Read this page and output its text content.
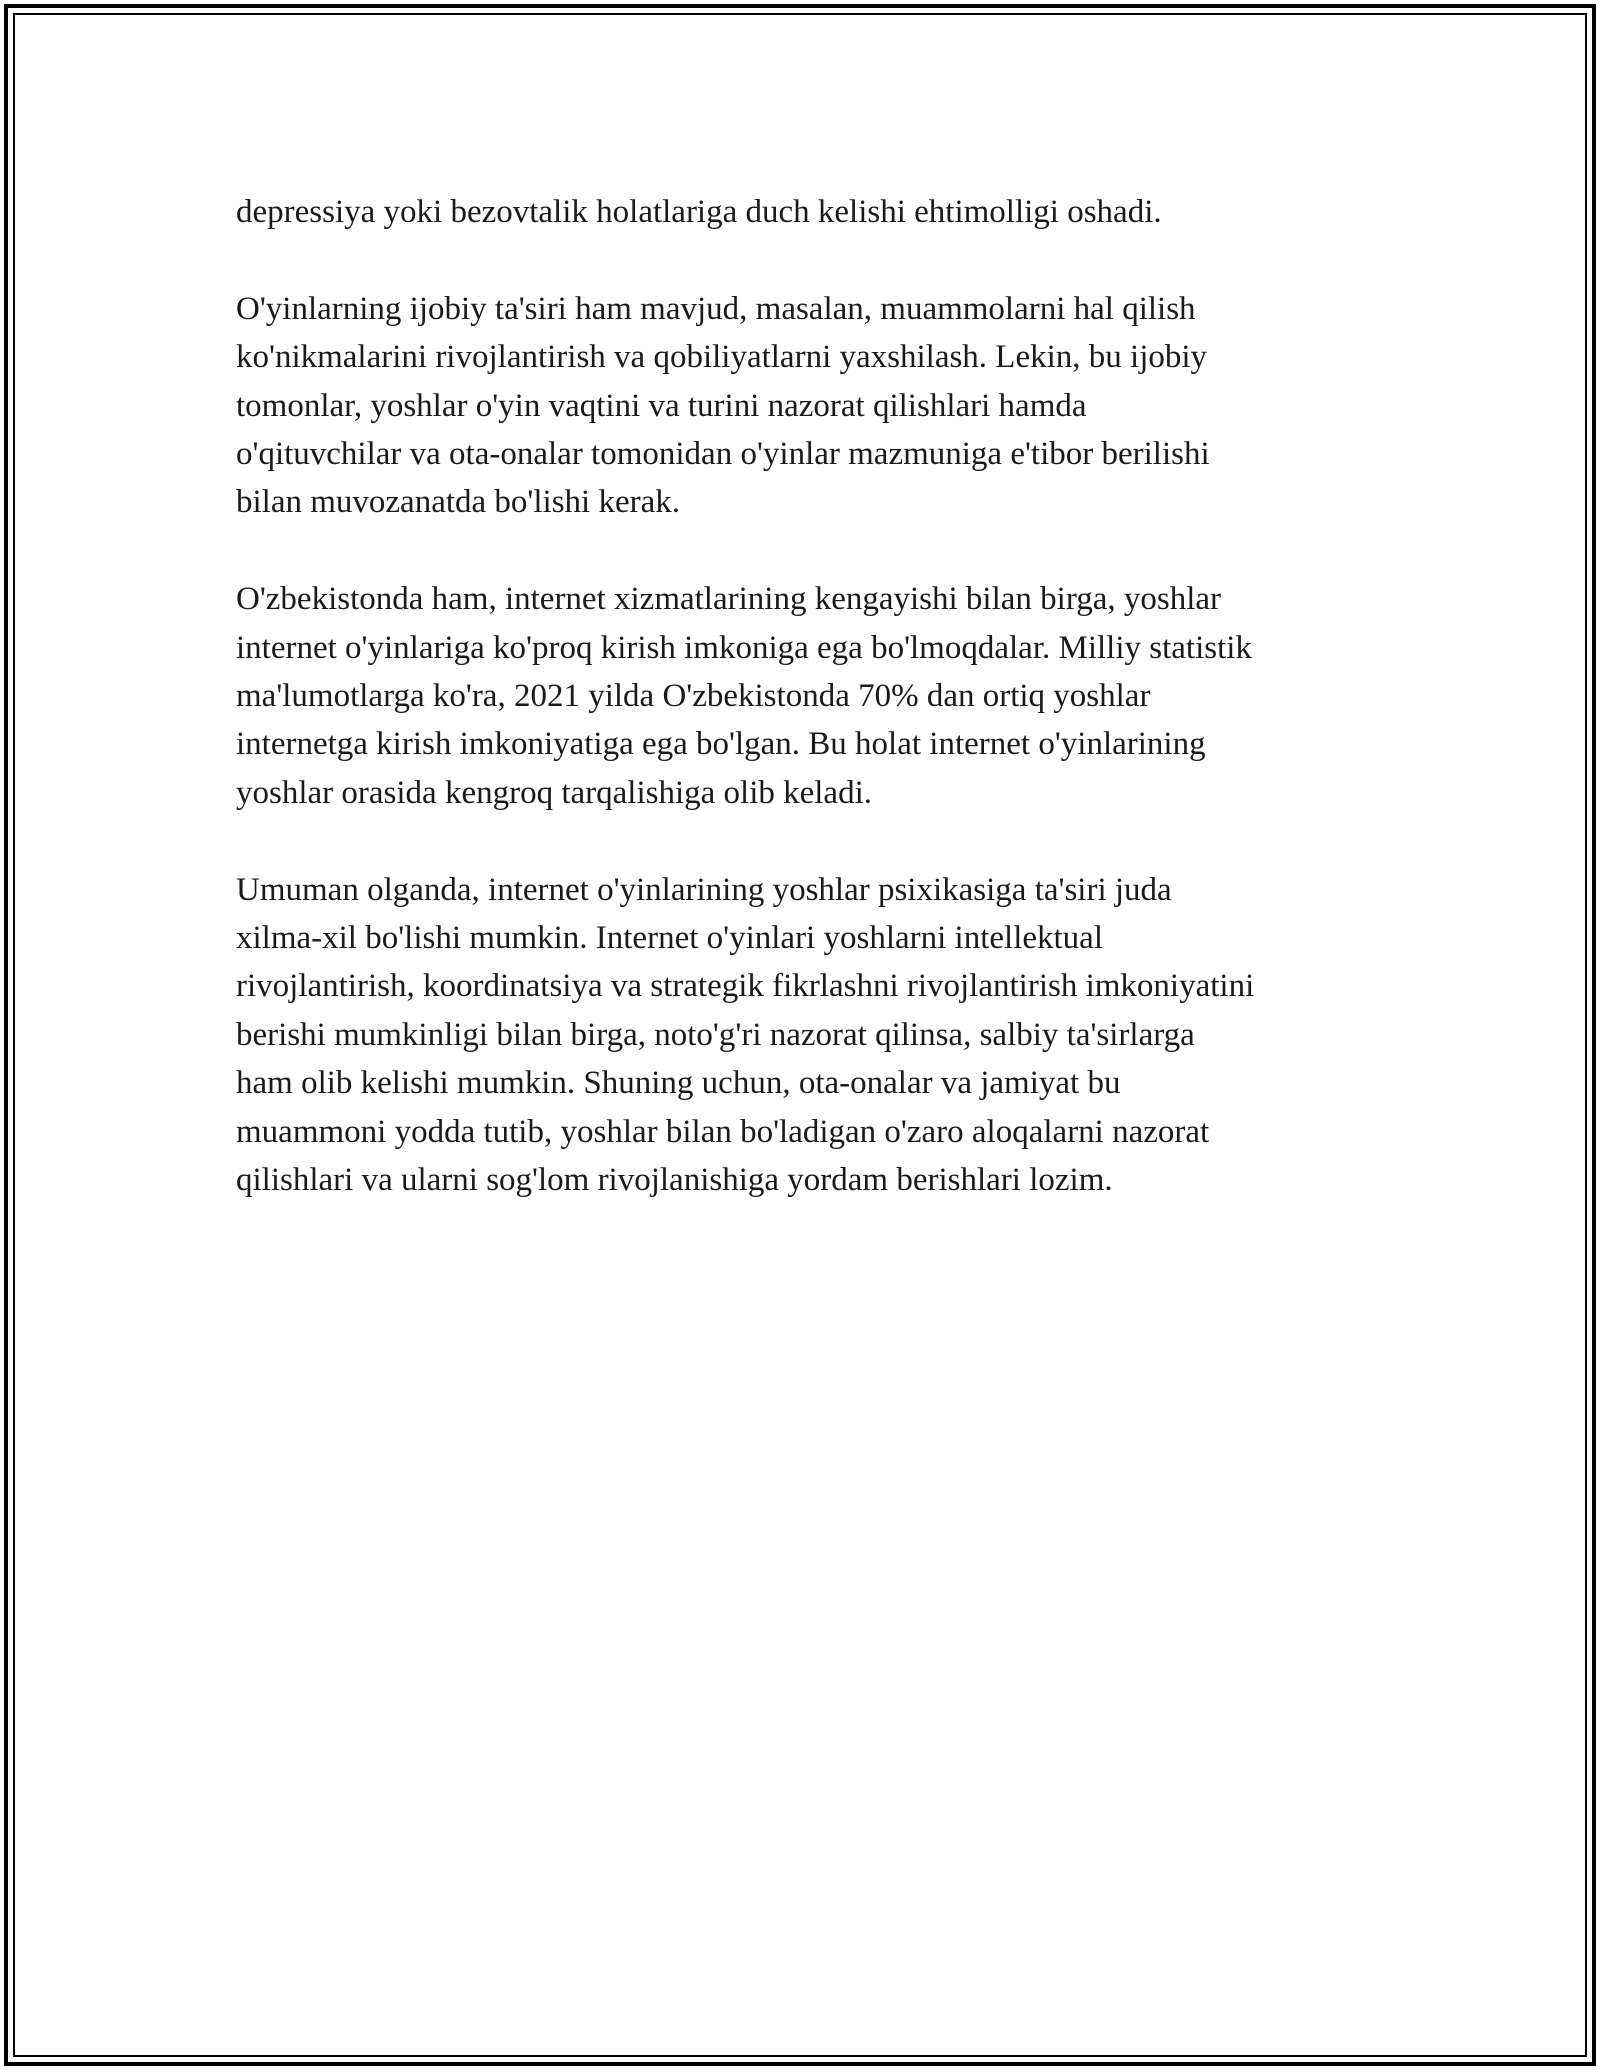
depressiya yoki bezovtalik holatlariga duch kelishi ehtimolligi oshadi.

O'yinlarning ijobiy ta'siri ham mavjud, masalan, muammolarni hal qilish
ko'nikmalarini rivojlantirish va qobiliyatlarni yaxshilash. Lekin, bu ijobiy
tomonlar, yoshlar o'yin vaqtini va turini nazorat qilishlari hamda
o'qituvchilar va ota-onalar tomonidan o'yinlar mazmuniga e'tibor berilishi
bilan muvozanatda bo'lishi kerak.

O'zbekistonda ham, internet xizmatlarining kengayishi bilan birga, yoshlar
internet o'yinlariga ko'proq kirish imkoniga ega bo'lmoqdalar. Milliy statistik
ma'lumotlarga ko'ra, 2021 yilda O'zbekistonda 70% dan ortiq yoshlar
internetga kirish imkoniyatiga ega bo'lgan. Bu holat internet o'yinlarining
yoshlar orasida kengroq tarqalishiga olib keladi.

Umuman olganda, internet o'yinlarining yoshlar psixikasiga ta'siri juda
xilma-xil bo'lishi mumkin. Internet o'yinlari yoshlarni intellektual
rivojlantirish, koordinatsiya va strategik fikrlashni rivojlantirish imkoniyatini
berishi mumkinligi bilan birga, noto'g'ri nazorat qilinsa, salbiy ta'sirlarga
ham olib kelishi mumkin. Shuning uchun, ota-onalar va jamiyat bu
muammoni yodda tutib, yoshlar bilan bo'ladigan o'zaro aloqalarni nazorat
qilishlari va ularni sog'lom rivojlanishiga yordam berishlari lozim.
